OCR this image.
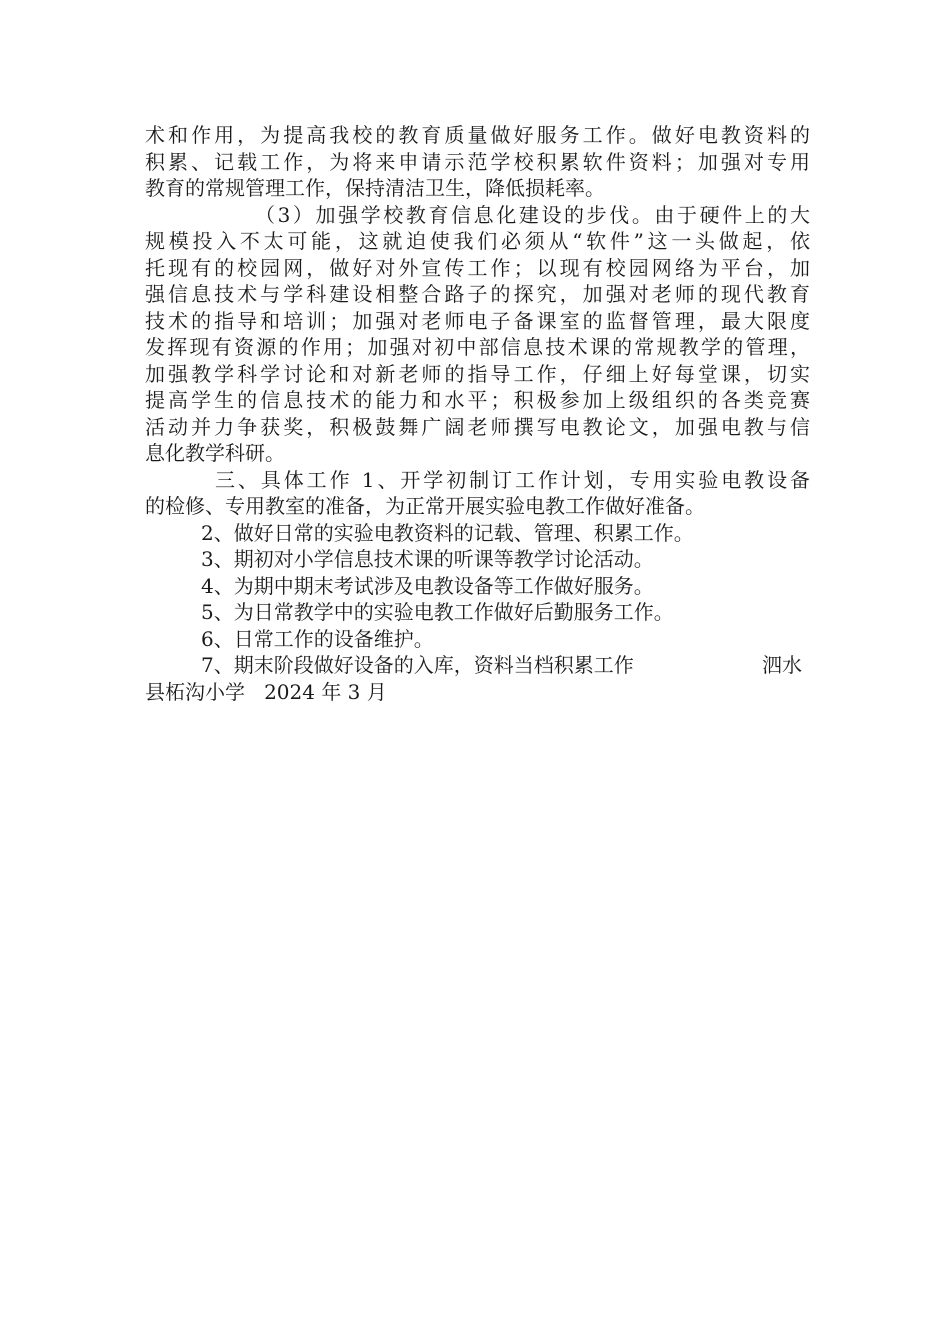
术和作用，为提高我校的教育质量做好服务工作。做好电教资料的
积累、记载工作，为将来申请示范学校积累软件资料；加强对专用
教育的常规管理工作，保持清洁卫生，降低损耗率。
（3）加强学校教育信息化建设的步伐。由于硬件上的大
规模投入不太可能，这就迫使我们必须从“软件”这一头做起，依
托现有的校园网，做好对外宣传工作；以现有校园网络为平台，加
强信息技术与学科建设相整合路子的探究，加强对老师的现代教育
技术的指导和培训；加强对老师电子备课室的监督管理，最大限度
发挥现有资源的作用；加强对初中部信息技术课的常规教学的管理，
加强教学科学讨论和对新老师的指导工作，仔细上好每堂课，切实
提高学生的信息技术的能力和水平；积极参加上级组织的各类竞赛
活动并力争获奖，积极鼓舞广阔老师撰写电教论文，加强电教与信
息化教学科研。
三、具体工作 1、开学初制订工作计划，专用实验电教设备
的检修、专用教室的准备，为正常开展实验电教工作做好准备。
2、做好日常的实验电教资料的记载、管理、积累工作。
3、期初对小学信息技术课的听课等教学讨论活动。
4、为期中期末考试涉及电教设备等工作做好服务。
5、为日常教学中的实验电教工作做好后勤服务工作。
6、日常工作的设备维护。
7、期末阶段做好设备的入库，资料当档积累工作	泗水
县柘沟小学   2024 年 3 月
